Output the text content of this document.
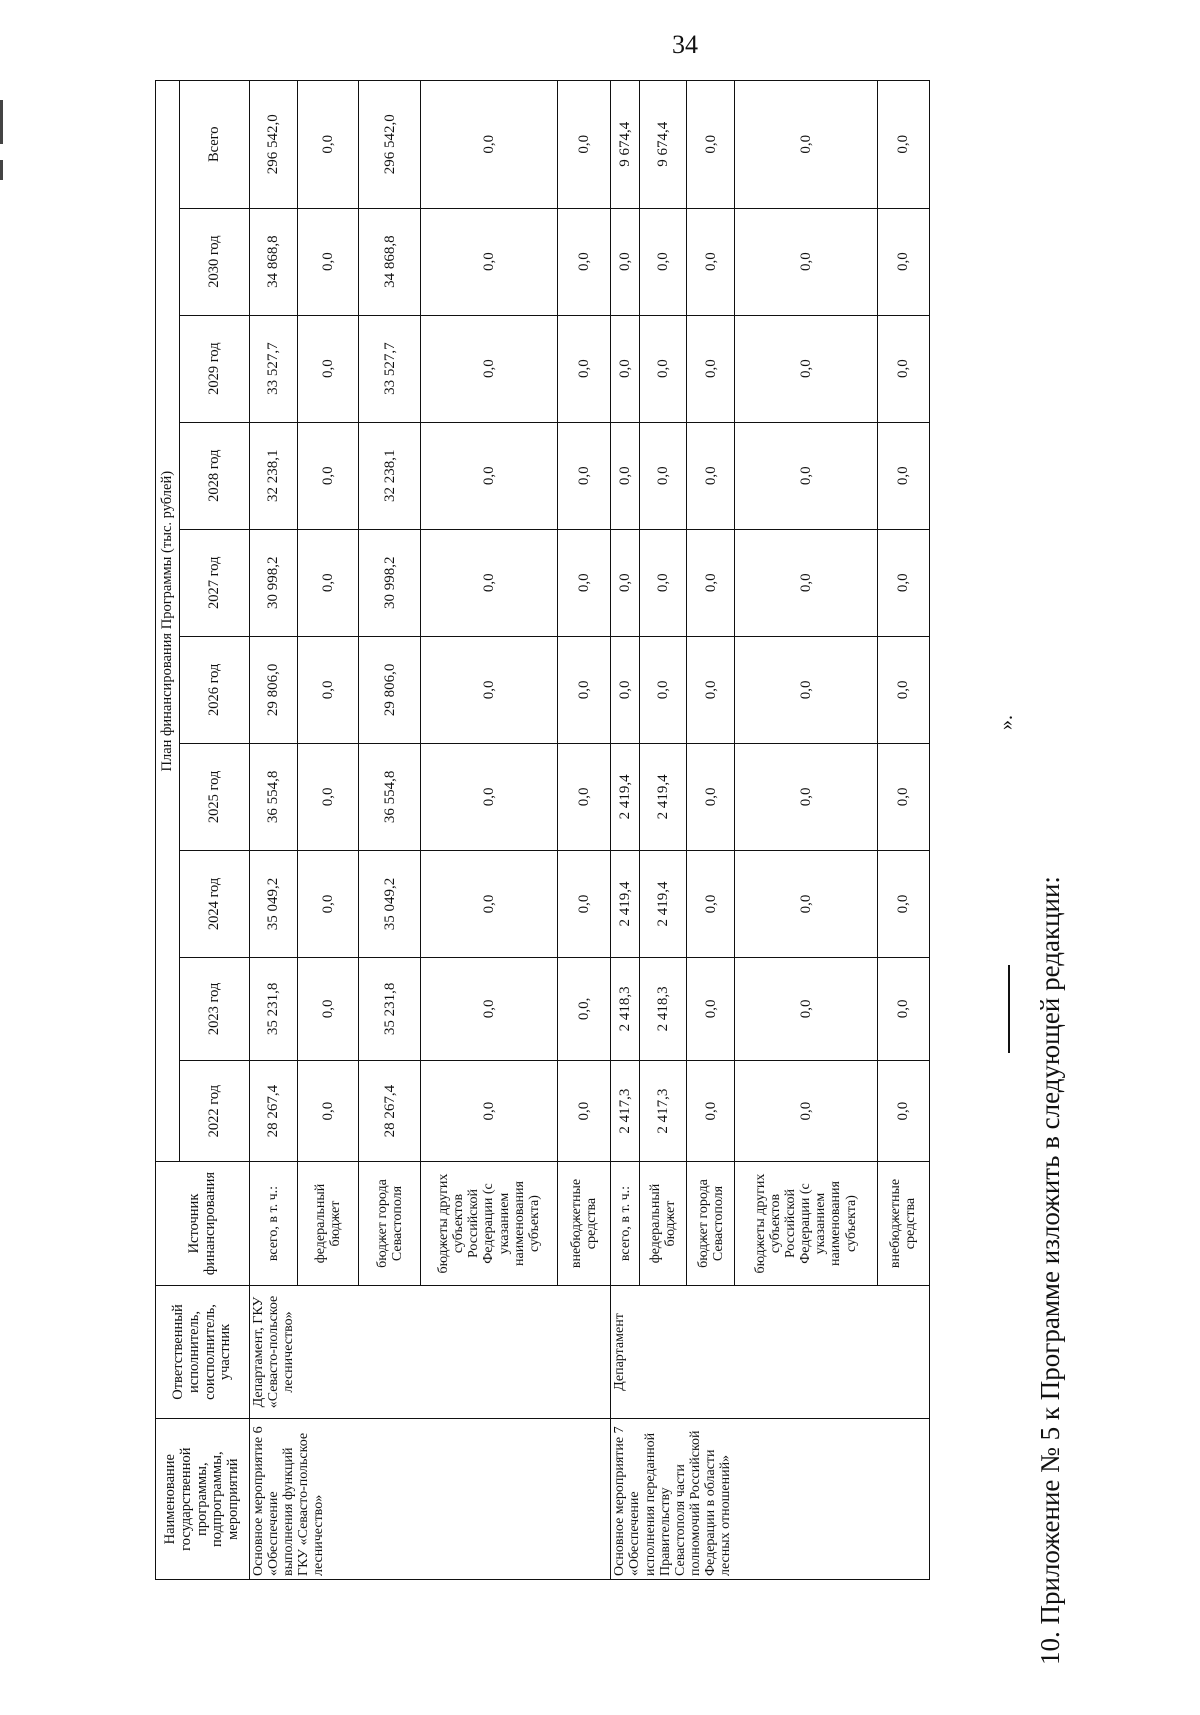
34
Наименование государственной программы, подпрограммы, мероприятий	Ответственный исполнитель, соисполнитель, участник	Источник финансирования	План финансирования Программы (тыс. рублей)									
			2022 год	2023 год	2024 год	2025 год	2026 год	2027 год	2028 год	2029 год	2030 год	Всего
Основное мероприятие 6 «Обеспечение выполнения функций ГКУ «Севасто-польское лесничество»	Департамент, ГКУ «Севасто-польское лесничество»	всего, в т. ч.:	28 267,4	35 231,8	35 049,2	36 554,8	29 806,0	30 998,2	32 238,1	33 527,7	34 868,8	296 542,0
		федеральный бюджет	0,0	0,0	0,0	0,0	0,0	0,0	0,0	0,0	0,0	0,0
		бюджет города Севастополя	28 267,4	35 231,8	35 049,2	36 554,8	29 806,0	30 998,2	32 238,1	33 527,7	34 868,8	296 542,0
		бюджеты других субъектов Российской Федерации (с указанием наименования субъекта)	0,0	0,0	0,0	0,0	0,0	0,0	0,0	0,0	0,0	0,0
		внебюджетные средства	0,0	0,0,	0,0	0,0	0,0	0,0	0,0	0,0	0,0	0,0
Основное мероприятие 7 «Обеспечение исполнения переданной Правительству Севастополя части полномочий Российской Федерации в области лесных отношений»	Департамент	всего, в т. ч.:	2 417,3	2 418,3	2 419,4	2 419,4	0,0	0,0	0,0	0,0	0,0	9 674,4
		федеральный бюджет	2 417,3	2 418,3	2 419,4	2 419,4	0,0	0,0	0,0	0,0	0,0	9 674,4
		бюджет города Севастополя	0,0	0,0	0,0	0,0	0,0	0,0	0,0	0,0	0,0	0,0
		бюджеты других субъектов Российской Федерации (с указанием наименования субъекта)	0,0	0,0	0,0	0,0	0,0	0,0	0,0	0,0	0,0	0,0
		внебюджетные средства	0,0	0,0	0,0	0,0	0,0	0,0	0,0	0,0	0,0	0,0
».
10. Приложение № 5 к Программе изложить в следующей редакции:
